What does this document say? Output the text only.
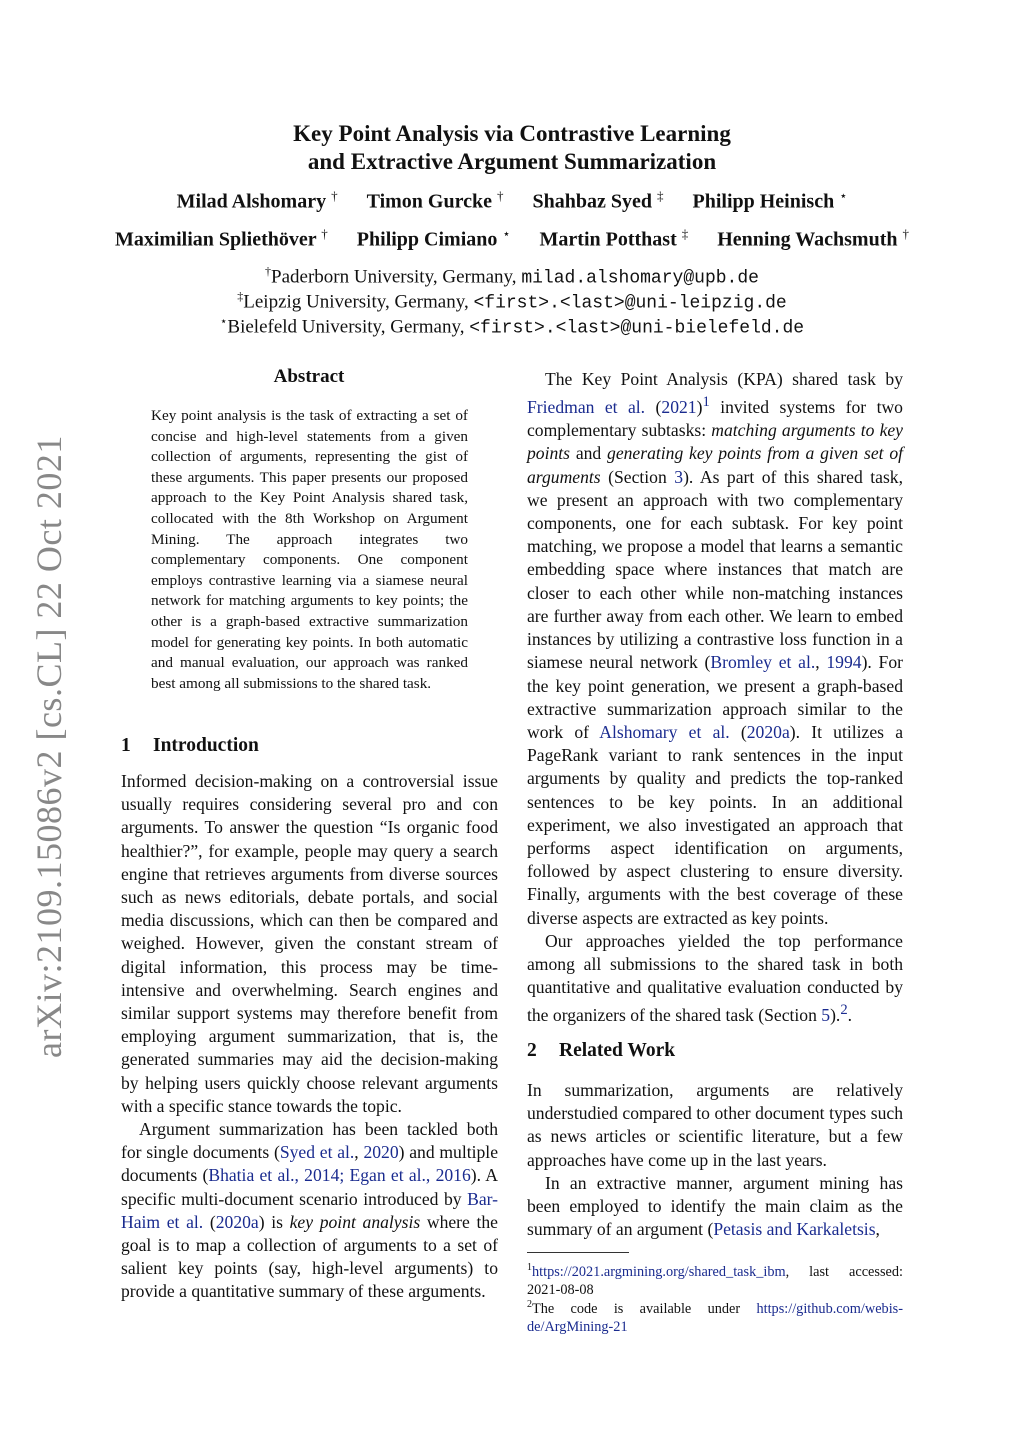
arXiv:2109.15086v2 [cs.CL] 22 Oct 2021
Key Point Analysis via Contrastive Learning
and Extractive Argument Summarization
Milad Alshomary † Timon Gurcke † Shahbaz Syed ‡ Philipp Heinisch ⋆
Maximilian Spliethöver † Philipp Cimiano ⋆ Martin Potthast ‡ Henning Wachsmuth †
†Paderborn University, Germany, milad.alshomary@upb.de
‡Leipzig University, Germany, <first>.<last>@uni-leipzig.de
⋆Bielefeld University, Germany, <first>.<last>@uni-bielefeld.de
Abstract
Key point analysis is the task of extracting a set of concise and high-level statements from a given collection of arguments, representing the gist of these arguments. This paper presents our proposed approach to the Key Point Analysis shared task, collocated with the 8th Workshop on Argument Mining. The approach integrates two complementary components. One component employs contrastive learning via a siamese neural network for matching arguments to key points; the other is a graph-based extractive summarization model for generating key points. In both automatic and manual evaluation, our approach was ranked best among all submissions to the shared task.
1 Introduction

Informed decision-making on a controversial issue usually requires considering several pro and con arguments. To answer the question “Is organic food healthier?”, for example, people may query a search engine that retrieves arguments from diverse sources such as news editorials, debate portals, and social media discussions, which can then be compared and weighed. However, given the constant stream of digital information, this process may be time-intensive and overwhelming. Search engines and similar support systems may therefore benefit from employing argument summarization, that is, the generated summaries may aid the decision-making by helping users quickly choose relevant arguments with a specific stance towards the topic.

Argument summarization has been tackled both for single documents (Syed et al., 2020) and multiple documents (Bhatia et al., 2014; Egan et al., 2016). A specific multi-document scenario introduced by Bar-Haim et al. (2020a) is key point analysis where the goal is to map a collection of arguments to a set of salient key points (say, high-level arguments) to provide a quantitative summary of these arguments.

The Key Point Analysis (KPA) shared task by Friedman et al. $(2021)^1$ invited systems for two complementary subtasks: matching arguments to key points and generating key points from a given set of arguments (Section 3). As part of this shared task, we present an approach with two complementary components, one for each subtask. For key point matching, we propose a model that learns a semantic embedding space where instances that match are closer to each other while non-matching instances are further away from each other. We learn to embed instances by utilizing a contrastive loss function in a siamese neural network (Bromley et al., 1994). For the key point generation, we present a graph-based extractive summarization approach similar to the work of Alshomary et al. (2020a). It utilizes a PageRank variant to rank sentences in the input arguments by quality and predicts the top-ranked sentences to be key points. In an additional experiment, we also investigated an approach that performs aspect identification on arguments, followed by aspect clustering to ensure diversity. Finally, arguments with the best coverage of these diverse aspects are extracted as key points.

Our approaches yielded the top performance among all submissions to the shared task in both quantitative and qualitative evaluation conducted by the organizers of the shared task (Section 5).$^2$.

2 Related Work

In summarization, arguments are relatively understudied compared to other document types such as news articles or scientific literature, but a few approaches have come up in the last years.

In an extractive manner, argument mining has been employed to identify the main claim as the summary of an argument (Petasis and Karkaletsis,

$^1$https://2021.argmining.org/shared_task_ibm, last accessed: 2021-08-08
$^2$The code is available under https://github.com/webis-de/ArgMining-21
